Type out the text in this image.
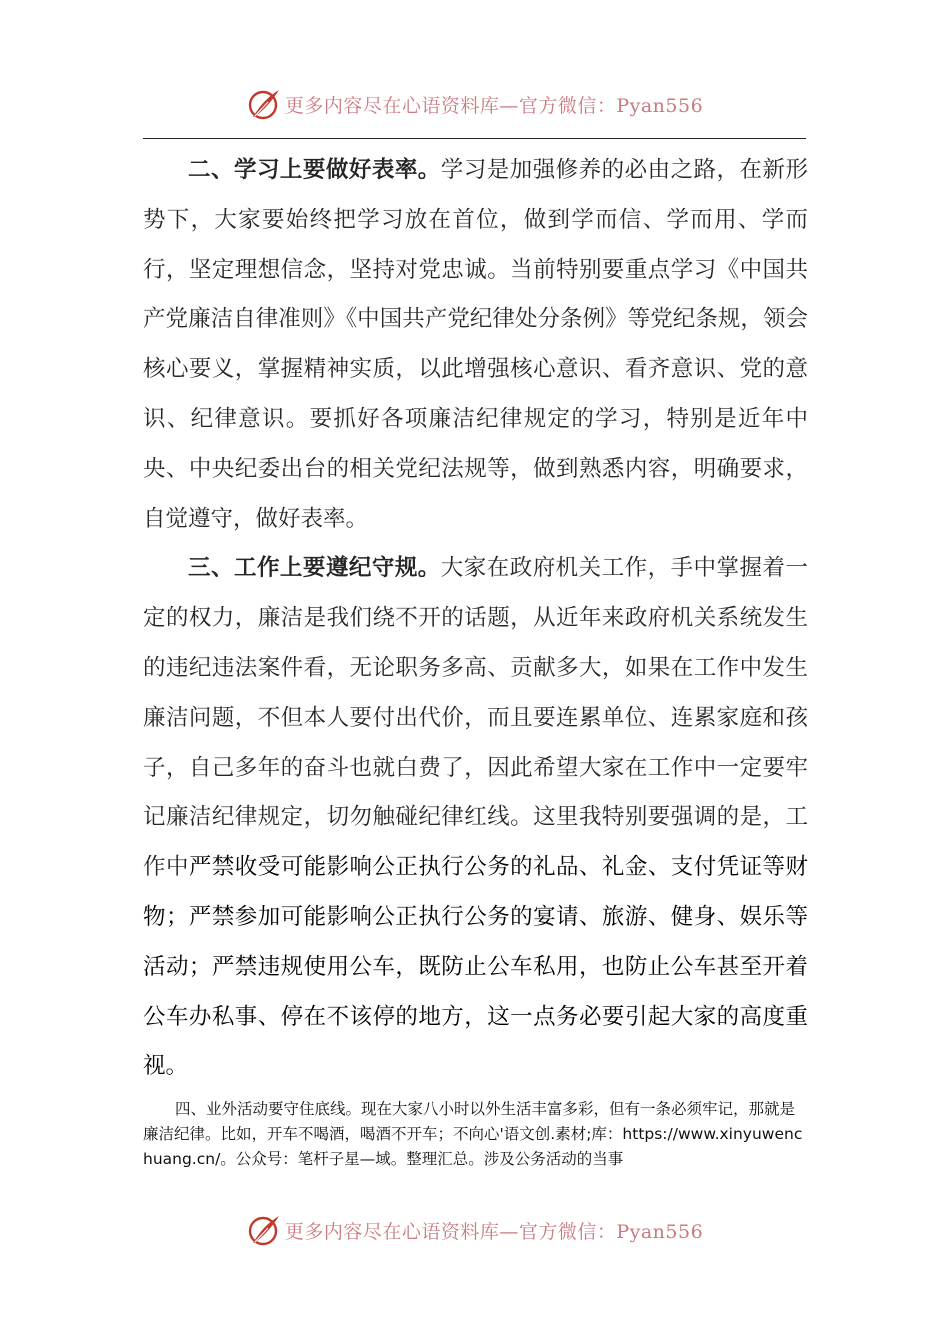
更多内容尽在心语资料库—官方微信：Pyan556

二、学习上要做好表率。学习是加强修养的必由之路，在新形势下，大家要始终把学习放在首位，做到学而信、学而用、学而行，坚定理想信念，坚持对党忠诚。当前特别要重点学习《中国共产党廉洁自律准则》《中国共产党纪律处分条例》等党纪条规，领会核心要义，掌握精神实质，以此增强核心意识、看齐意识、党的意识、纪律意识。要抓好各项廉洁纪律规定的学习，特别是近年中央、中央纪委出台的相关党纪法规等，做到熟悉内容，明确要求，自觉遵守，做好表率。

三、工作上要遵纪守规。大家在政府机关工作，手中掌握着一定的权力，廉洁是我们绕不开的话题，从近年来政府机关系统发生的违纪违法案件看，无论职务多高、贡献多大，如果在工作中发生廉洁问题，不但本人要付出代价，而且要连累单位、连累家庭和孩子，自己多年的奋斗也就白费了，因此希望大家在工作中一定要牢记廉洁纪律规定，切勿触碰纪律红线。这里我特别要强调的是，工作中严禁收受可能影响公正执行公务的礼品、礼金、支付凭证等财物；严禁参加可能影响公正执行公务的宴请、旅游、健身、娱乐等活动；严禁违规使用公车，既防止公车私用，也防止公车甚至开着公车办私事、停在不该停的地方，这一点务必要引起大家的高度重视。

四、业外活动要守住底线。现在大家八小时以外生活丰富多彩，但有一条必须牢记，那就是廉洁纪律。比如，开车不喝酒，喝酒不开车；不向心'语文创.素材;库：https://www.xinyuwenchuang.cn/。公众号：笔杆子星—域。整理汇总。涉及公务活动的当事

更多内容尽在心语资料库—官方微信：Pyan556
